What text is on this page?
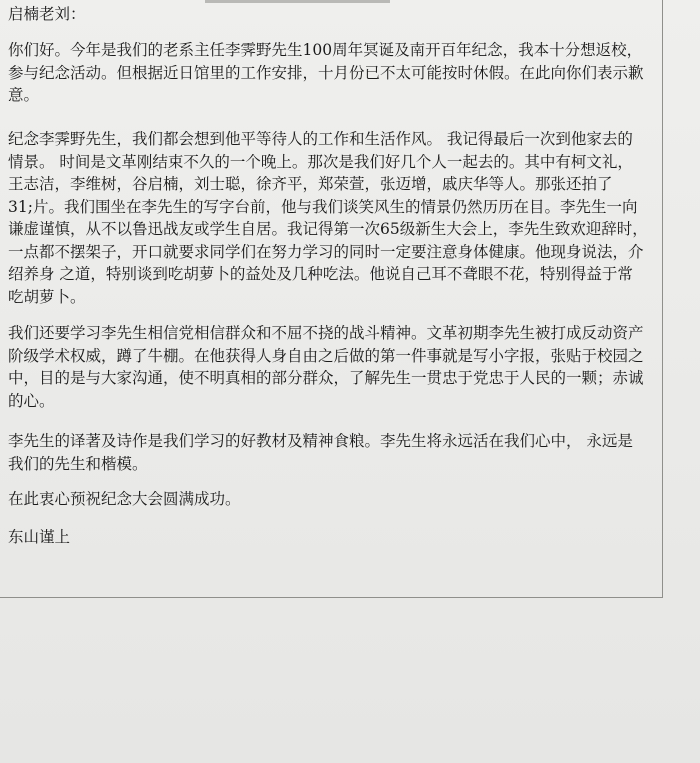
启楠老刘：

你们好。今年是我们的老系主任李霁野先生100周年冥诞及南开百年纪念，我本十分想返校，
参与纪念活动。但根据近日馆里的工作安排，十月份已不太可能按时休假。在此向你们表示歉
意。

纪念李霁野先生，我们都会想到他平等待人的工作和生活作风。 我记得最后一次到他家去的
情景。 时间是文革刚结束不久的一个晚上。那次是我们好几个人一起去的。其中有柯文礼，
王志洁，李维树，谷启楠，刘士聪，徐齐平，郑荣萱，张迈增，戚庆华等人。那张还拍了
31;片。我们围坐在李先生的写字台前，他与我们谈笑风生的情景仍然历历在目。李先生一向
谦虚谨慎，从不以鲁迅战友或学生自居。我记得第一次65级新生大会上，李先生致欢迎辞时，
一点都不摆架子，开口就要求同学们在努力学习的同时一定要注意身体健康。他现身说法，介
绍养身 之道，特别谈到吃胡萝卜的益处及几种吃法。他说自己耳不聋眼不花，特别得益于常
吃胡萝卜。

我们还要学习李先生相信党相信群众和不屈不挠的战斗精神。文革初期李先生被打成反动资产
阶级学术权威，蹲了牛棚。在他获得人身自由之后做的第一件事就是写小字报，张贴于校园之
中，目的是与大家沟通，使不明真相的部分群众，了解先生一贯忠于党忠于人民的一颗；赤诚
的心。

李先生的译著及诗作是我们学习的好教材及精神食粮。李先生将永远活在我们心中， 永远是
我们的先生和楷模。

在此衷心预祝纪念大会圆满成功。

东山谨上
